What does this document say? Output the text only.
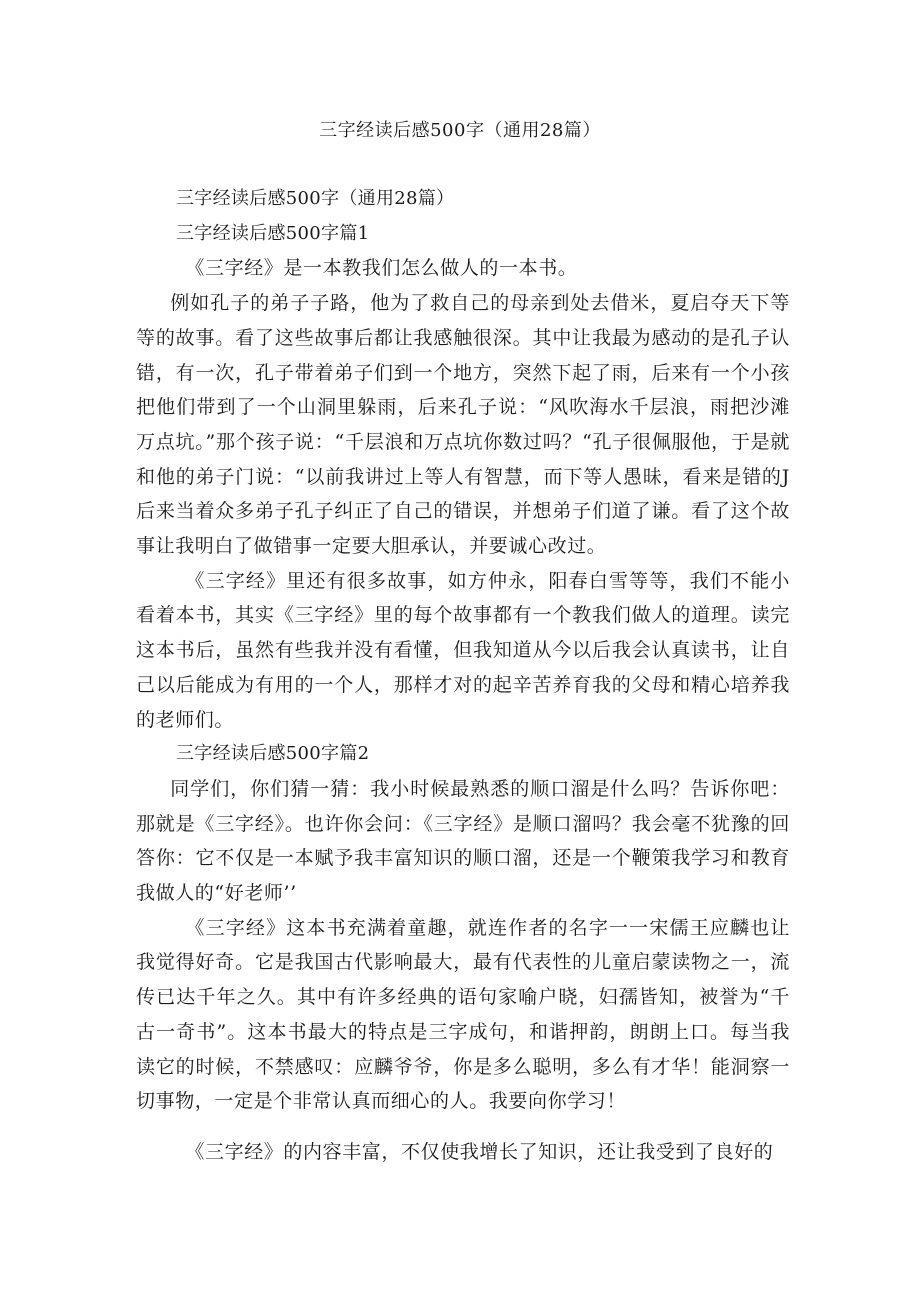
三字经读后感500字（通用28篇）
三字经读后感500字（通用28篇）
三字经读后感500字篇1

《三字经》是一本教我们怎么做人的一本书。

例如孔子的弟子子路，他为了救自己的母亲到处去借米，夏启夺天下等等的故事。看了这些故事后都让我感触很深。其中让我最为感动的是孔子认错，有一次，孔子带着弟子们到一个地方，突然下起了雨，后来有一个小孩把他们带到了一个山洞里躲雨，后来孔子说：“风吹海水千层浪，雨把沙滩万点坑。”那个孩子说：“千层浪和万点坑你数过吗？“孔子很佩服他，于是就和他的弟子门说：“以前我讲过上等人有智慧，而下等人愚昧，看来是错的J后来当着众多弟子孔子纠正了自己的错误，并想弟子们道了谦。看了这个故事让我明白了做错事一定要大胆承认，并要诚心改过。

《三字经》里还有很多故事，如方仲永，阳春白雪等等，我们不能小看着本书，其实《三字经》里的每个故事都有一个教我们做人的道理。读完这本书后，虽然有些我并没有看懂，但我知道从今以后我会认真读书，让自己以后能成为有用的一个人，那样才对的起辛苦养育我的父母和精心培养我的老师们。

三字经读后感500字篇2

同学们，你们猜一猜：我小时候最熟悉的顺口溜是什么吗？告诉你吧：那就是《三字经》。也许你会问：《三字经》是顺口溜吗？我会毫不犹豫的回答你：它不仅是一本赋予我丰富知识的顺口溜，还是一个鞭策我学习和教育我做人的“好老师’’

《三字经》这本书充满着童趣，就连作者的名字一一宋儒王应麟也让我觉得好奇。它是我国古代影响最大，最有代表性的儿童启蒙读物之一，流传已达千年之久。其中有许多经典的语句家喻户晓，妇孺皆知，被誉为“千古一奇书”。这本书最大的特点是三字成句，和谐押韵，朗朗上口。每当我读它的时候，不禁感叹：应麟爷爷，你是多么聪明，多么有才华！能洞察一切事物，一定是个非常认真而细心的人。我要向你学习！

《三字经》的内容丰富，不仅使我增长了知识，还让我受到了良好的
